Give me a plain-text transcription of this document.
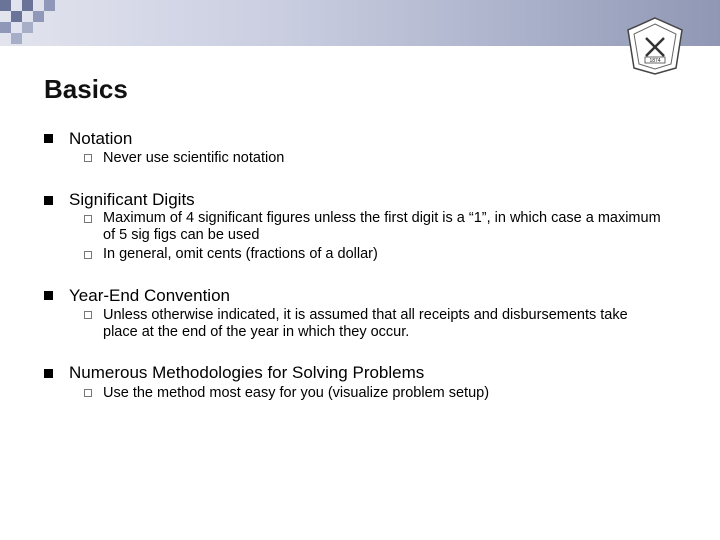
1874
Basics
Notation
Never use scientific notation
Significant Digits
Maximum of 4 significant figures unless the first digit is a “1”, in which case a maximum of 5 sig figs can be used
In general, omit cents (fractions of a dollar)
Year-End Convention
Unless otherwise indicated, it is assumed that all receipts and disbursements take place at the end of the year in which they occur.
Numerous Methodologies for Solving Problems
Use the method most easy for you (visualize problem setup)
